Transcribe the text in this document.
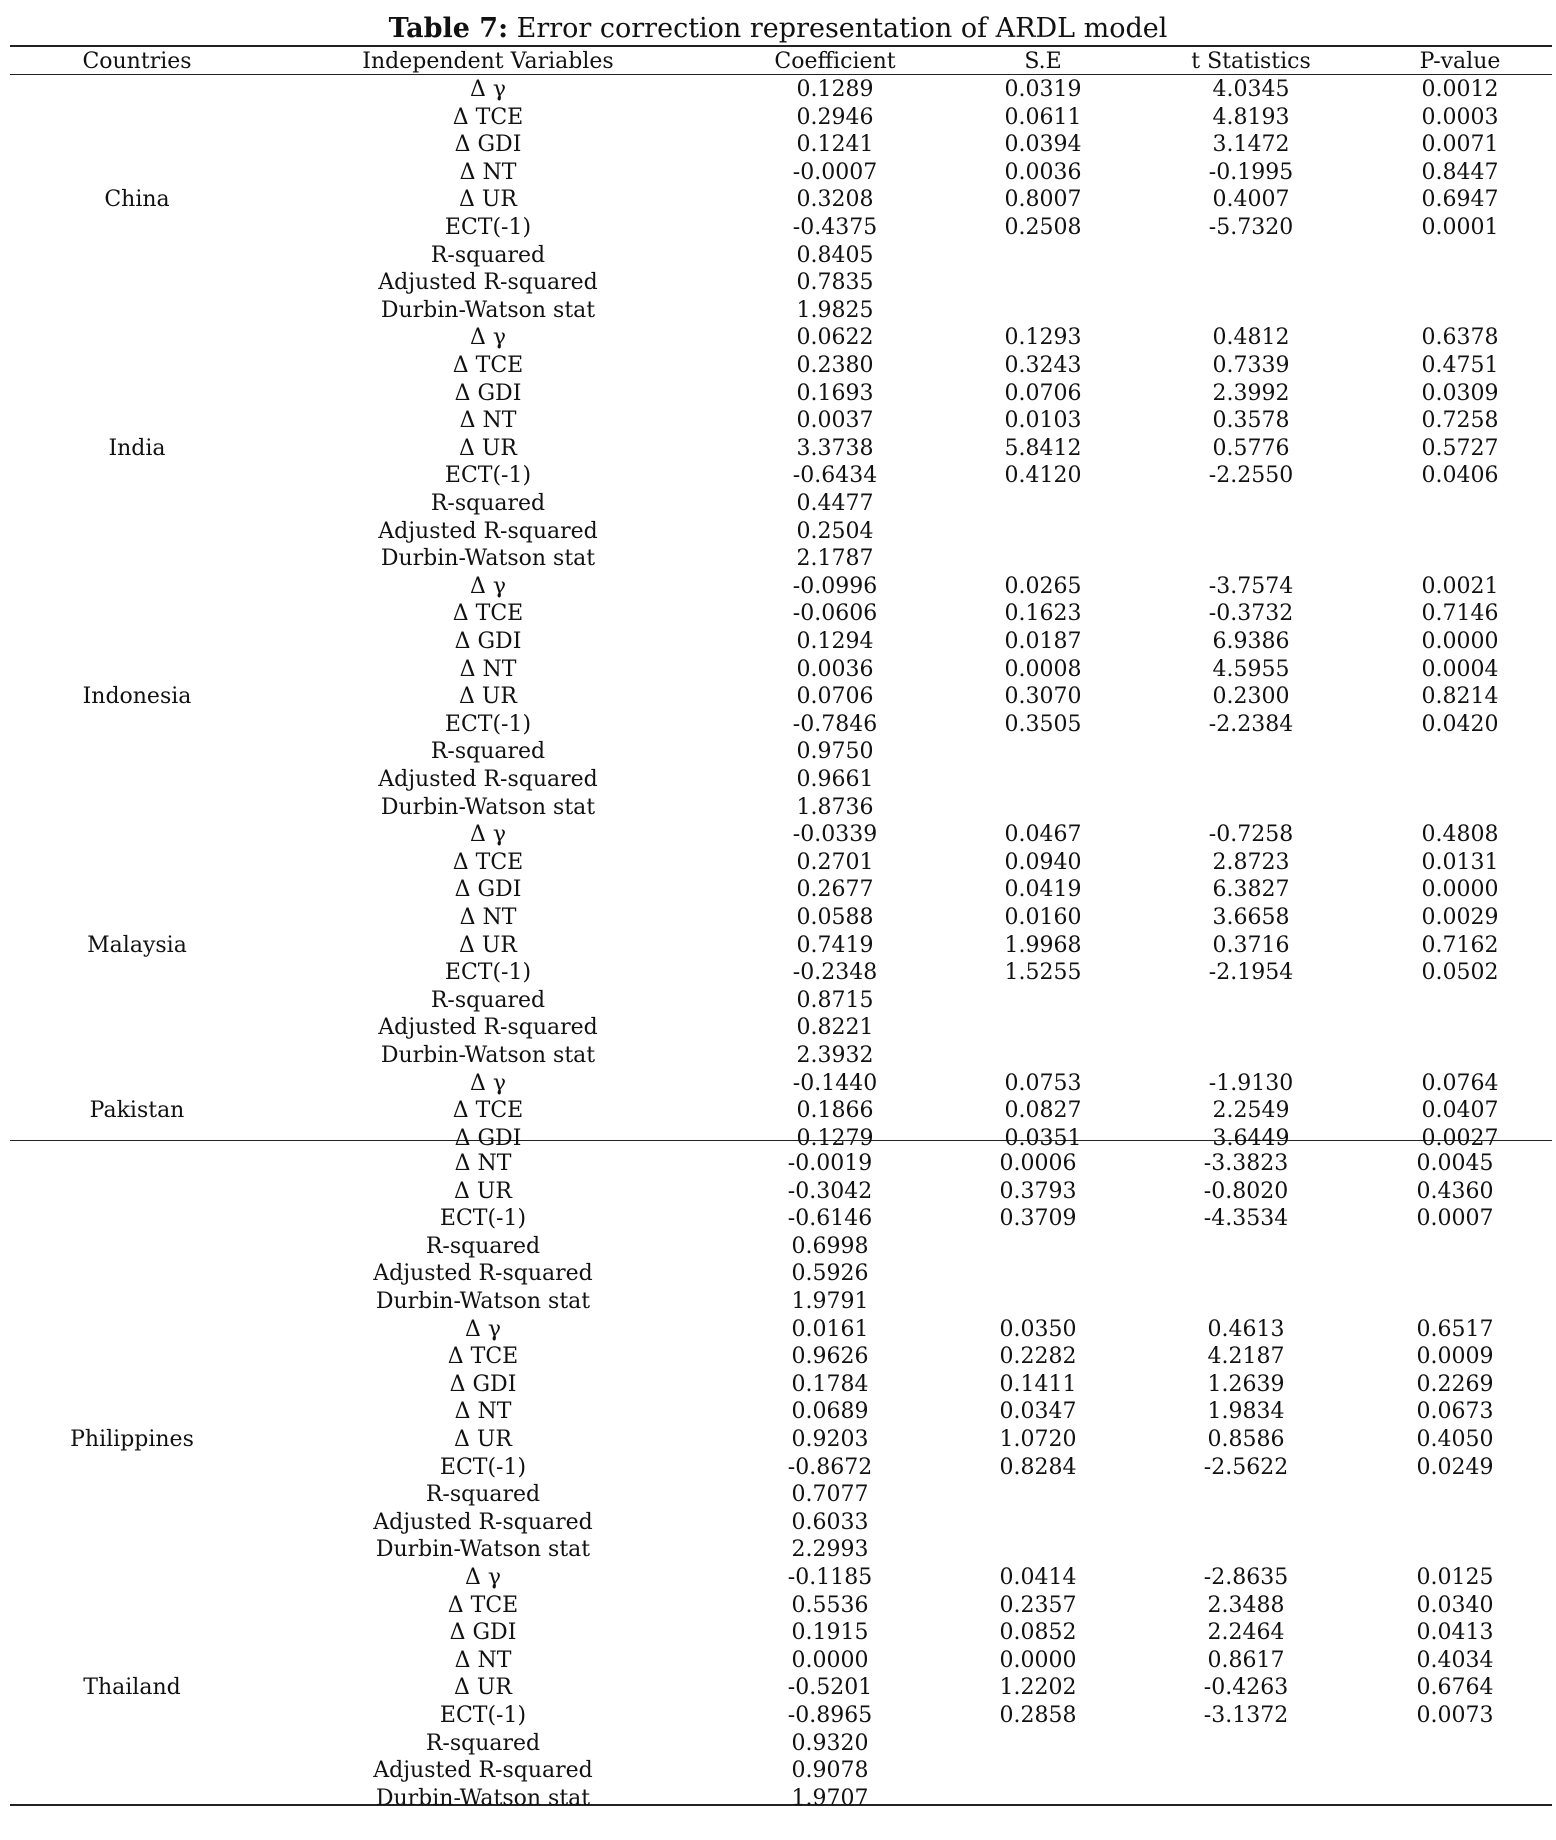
Table 7: Error correction representation of ARDL model
Countries	Independent Variables	Coefficient	S.E	t Statistics	P-value
Δ γ	0.1289	0.0319	4.0345	0.0012
Δ TCE	0.2946	0.0611	4.8193	0.0003
Δ GDI	0.1241	0.0394	3.1472	0.0071
Δ NT	-0.0007	0.0036	-0.1995	0.8447
China	Δ UR	0.3208	0.8007	0.4007	0.6947
ECT(-1)	-0.4375	0.2508	-5.7320	0.0001
R-squared	0.8405
Adjusted R-squared	0.7835
Durbin-Watson stat	1.9825
Δ γ	0.0622	0.1293	0.4812	0.6378
Δ TCE	0.2380	0.3243	0.7339	0.4751
Δ GDI	0.1693	0.0706	2.3992	0.0309
Δ NT	0.0037	0.0103	0.3578	0.7258
India	Δ UR	3.3738	5.8412	0.5776	0.5727
ECT(-1)	-0.6434	0.4120	-2.2550	0.0406
R-squared	0.4477
Adjusted R-squared	0.2504
Durbin-Watson stat	2.1787
Δ γ	-0.0996	0.0265	-3.7574	0.0021
Δ TCE	-0.0606	0.1623	-0.3732	0.7146
Δ GDI	0.1294	0.0187	6.9386	0.0000
Δ NT	0.0036	0.0008	4.5955	0.0004
Indonesia	Δ UR	0.0706	0.3070	0.2300	0.8214
ECT(-1)	-0.7846	0.3505	-2.2384	0.0420
R-squared	0.9750
Adjusted R-squared	0.9661
Durbin-Watson stat	1.8736
Δ γ	-0.0339	0.0467	-0.7258	0.4808
Δ TCE	0.2701	0.0940	2.8723	0.0131
Δ GDI	0.2677	0.0419	6.3827	0.0000
Δ NT	0.0588	0.0160	3.6658	0.0029
Malaysia	Δ UR	0.7419	1.9968	0.3716	0.7162
ECT(-1)	-0.2348	1.5255	-2.1954	0.0502
R-squared	0.8715
Adjusted R-squared	0.8221
Durbin-Watson stat	2.3932
Δ γ	-0.1440	0.0753	-1.9130	0.0764
Pakistan	Δ TCE	0.1866	0.0827	2.2549	0.0407
Δ GDI	0.1279	0.0351	3.6449	0.0027
Δ NT	-0.0019	0.0006	-3.3823	0.0045
Δ UR	-0.3042	0.3793	-0.8020	0.4360
ECT(-1)	-0.6146	0.3709	-4.3534	0.0007
R-squared	0.6998
Adjusted R-squared	0.5926
Durbin-Watson stat	1.9791
Δ γ	0.0161	0.0350	0.4613	0.6517
Δ TCE	0.9626	0.2282	4.2187	0.0009
Δ GDI	0.1784	0.1411	1.2639	0.2269
Δ NT	0.0689	0.0347	1.9834	0.0673
Philippines	Δ UR	0.9203	1.0720	0.8586	0.4050
ECT(-1)	-0.8672	0.8284	-2.5622	0.0249
R-squared	0.7077
Adjusted R-squared	0.6033
Durbin-Watson stat	2.2993
Δ γ	-0.1185	0.0414	-2.8635	0.0125
Δ TCE	0.5536	0.2357	2.3488	0.0340
Δ GDI	0.1915	0.0852	2.2464	0.0413
Δ NT	0.0000	0.0000	0.8617	0.4034
Thailand	Δ UR	-0.5201	1.2202	-0.4263	0.6764
ECT(-1)	-0.8965	0.2858	-3.1372	0.0073
R-squared	0.9320
Adjusted R-squared	0.9078
Durbin-Watson stat	1.9707
